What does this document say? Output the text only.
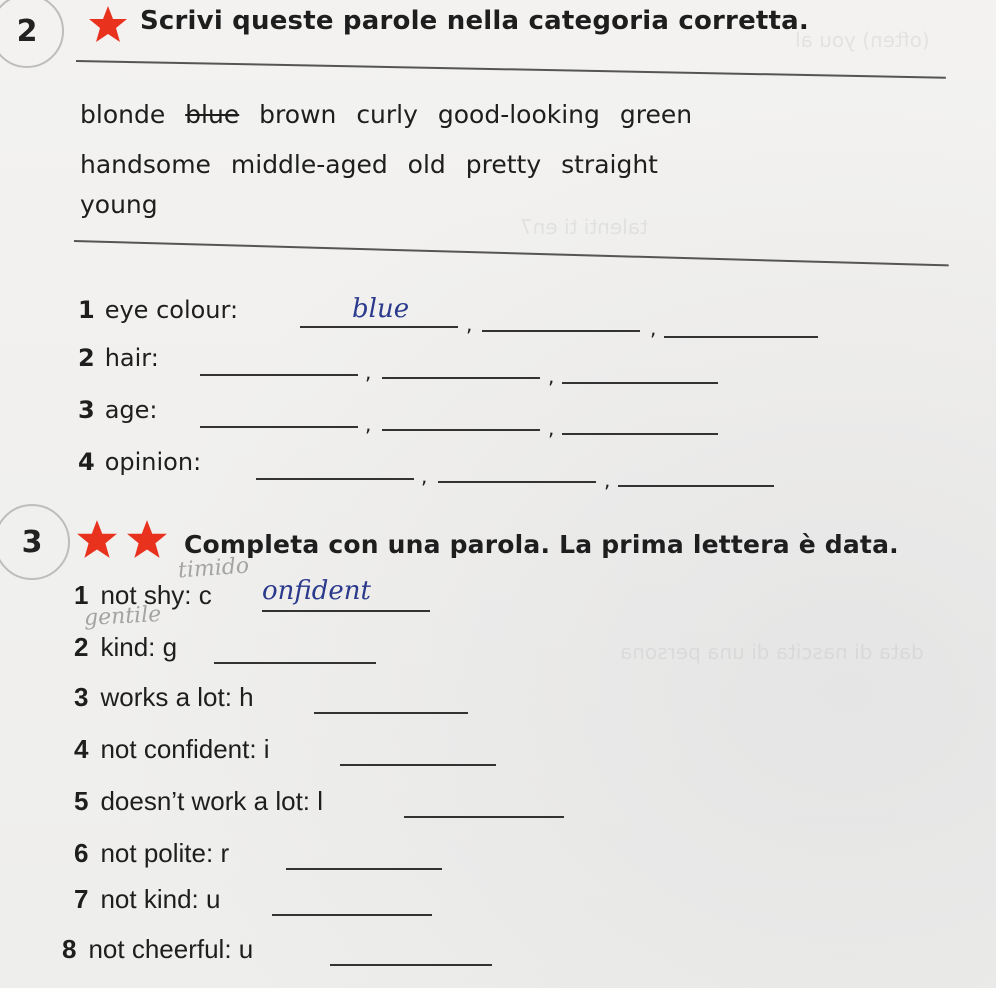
(often) you al
talenti ti en7
data di nascita di una persona
2	Scrivi queste parole nella categoria corretta.
blonde blue brown curly good-looking green
handsome middle-aged old pretty straight
young
1 eye colour:	blue	,	,
2 hair:	,	,
3 age:	,	,
4 opinion:	,	,
3	Completa con una parola. La prima lettera è data.
timido
gentile
1 not shy: c onfident
2 kind: g
3 works a lot: h
4 not confident: i
5 doesn’t work a lot: l
6 not polite: r
7 not kind: u
8 not cheerful: u
